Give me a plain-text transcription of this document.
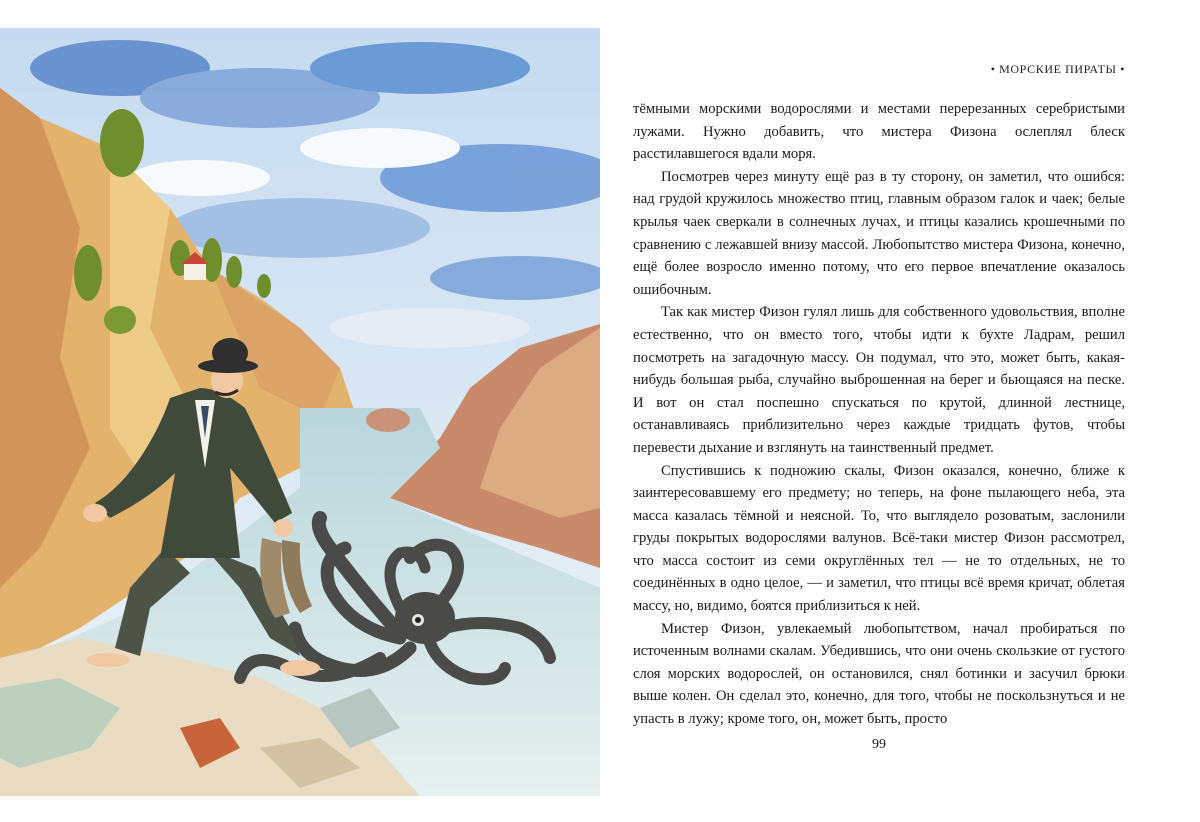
• МОРСКИЕ ПИРАТЫ •

тёмными морскими водорослями и местами перерезанных серебристыми лужами. Нужно добавить, что мистера Физона ослеплял блеск расстилавшегося вдали моря.

Посмотрев через минуту ещё раз в ту сторону, он заметил, что ошибся: над грудой кружилось множество птиц, главным образом галок и чаек; белые крылья чаек сверкали в солнечных лучах, и птицы казались крошечными по сравнению с лежавшей внизу массой. Любопытство мистера Физона, конечно, ещё более возросло именно потому, что его первое впечатление оказалось ошибочным.

Так как мистер Физон гулял лишь для собственного удовольствия, вполне естественно, что он вместо того, чтобы идти к бухте Ладрам, решил посмотреть на загадочную массу. Он подумал, что это, может быть, какая-нибудь большая рыба, случайно выброшенная на берег и бьющаяся на песке. И вот он стал поспешно спускаться по крутой, длинной лестнице, останавливаясь приблизительно через каждые тридцать футов, чтобы перевести дыхание и взглянуть на таинственный предмет.

Спустившись к подножию скалы, Физон оказался, конечно, ближе к заинтересовавшему его предмету; но теперь, на фоне пылающего неба, эта масса казалась тёмной и неясной. То, что выглядело розоватым, заслонили груды покрытых водорослями валунов. Всё-таки мистер Физон рассмотрел, что масса состоит из семи округлённых тел — не то отдельных, не то соединённых в одно целое, — и заметил, что птицы всё время кричат, облетая массу, но, видимо, боятся приблизиться к ней.

Мистер Физон, увлекаемый любопытством, начал пробираться по источенным волнами скалам. Убедившись, что они очень скользкие от густого слоя морских водорослей, он остановился, снял ботинки и засучил брюки выше колен. Он сделал это, конечно, для того, чтобы не поскользнуться и не упасть в лужу; кроме того, он, может быть, просто

99
